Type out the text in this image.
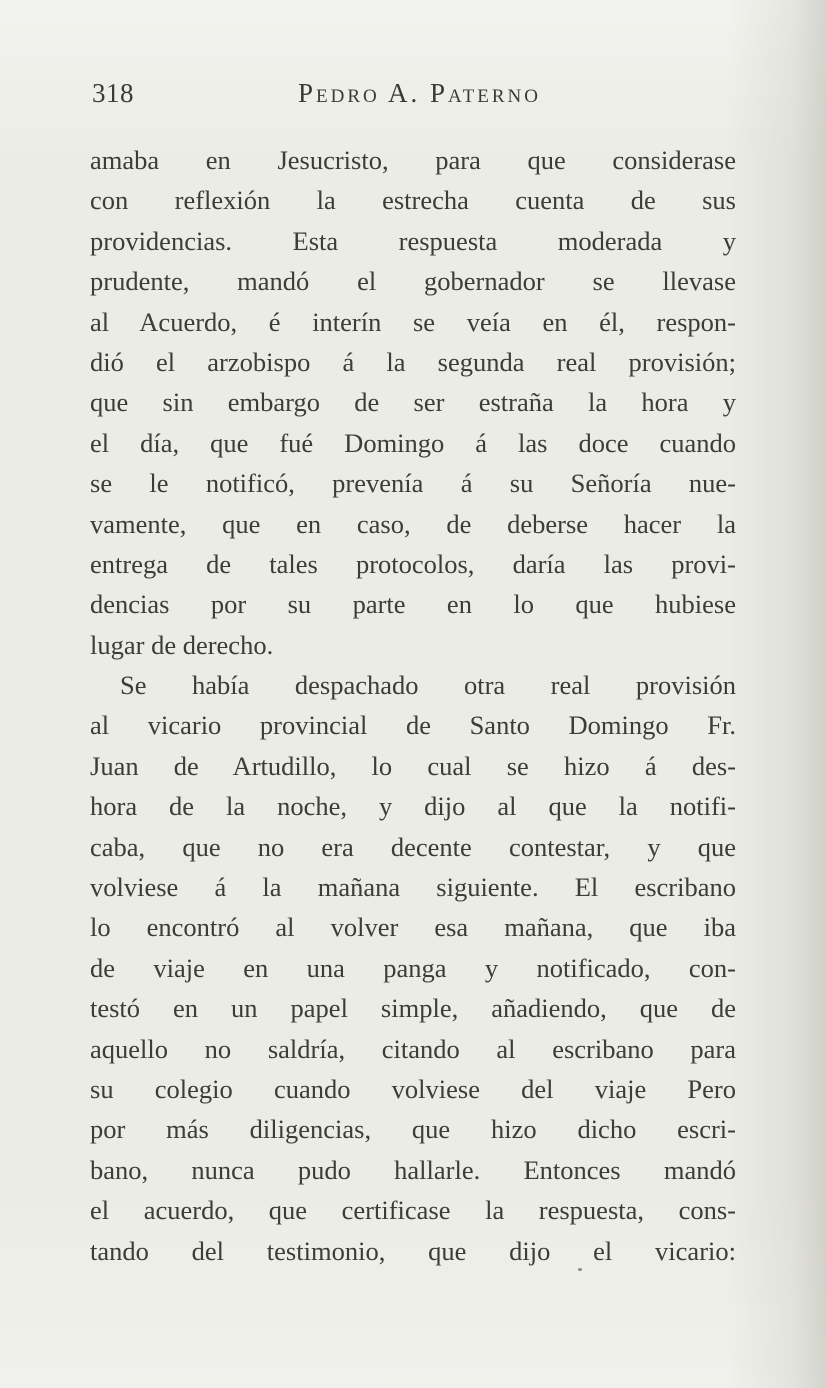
318	Pedro A. Paterno
amaba en Jesucristo, para que considerase
con reflexión la estrecha cuenta de sus
providencias. Esta respuesta moderada y
prudente, mandó el gobernador se llevase
al Acuerdo, é interín se veía en él, respon-
dió el arzobispo á la segunda real provisión;
que sin embargo de ser estraña la hora y
el día, que fué Domingo á las doce cuando
se le notificó, prevenía á su Señoría nue-
vamente, que en caso, de deberse hacer la
entrega de tales protocolos, daría las provi-
dencias por su parte en lo que hubiese
lugar de derecho.
Se había despachado otra real provisión
al vicario provincial de Santo Domingo Fr.
Juan de Artudillo, lo cual se hizo á des-
hora de la noche, y dijo al que la notifi-
caba, que no era decente contestar, y que
volviese á la mañana siguiente. El escribano
lo encontró al volver esa mañana, que iba
de viaje en una panga y notificado, con-
testó en un papel simple, añadiendo, que de
aquello no saldría, citando al escribano para
su colegio cuando volviese del viaje Pero
por más diligencias, que hizo dicho escri-
bano, nunca pudo hallarle. Entonces mandó
el acuerdo, que certificase la respuesta, cons-
tando del testimonio, que dijo el vicario:
